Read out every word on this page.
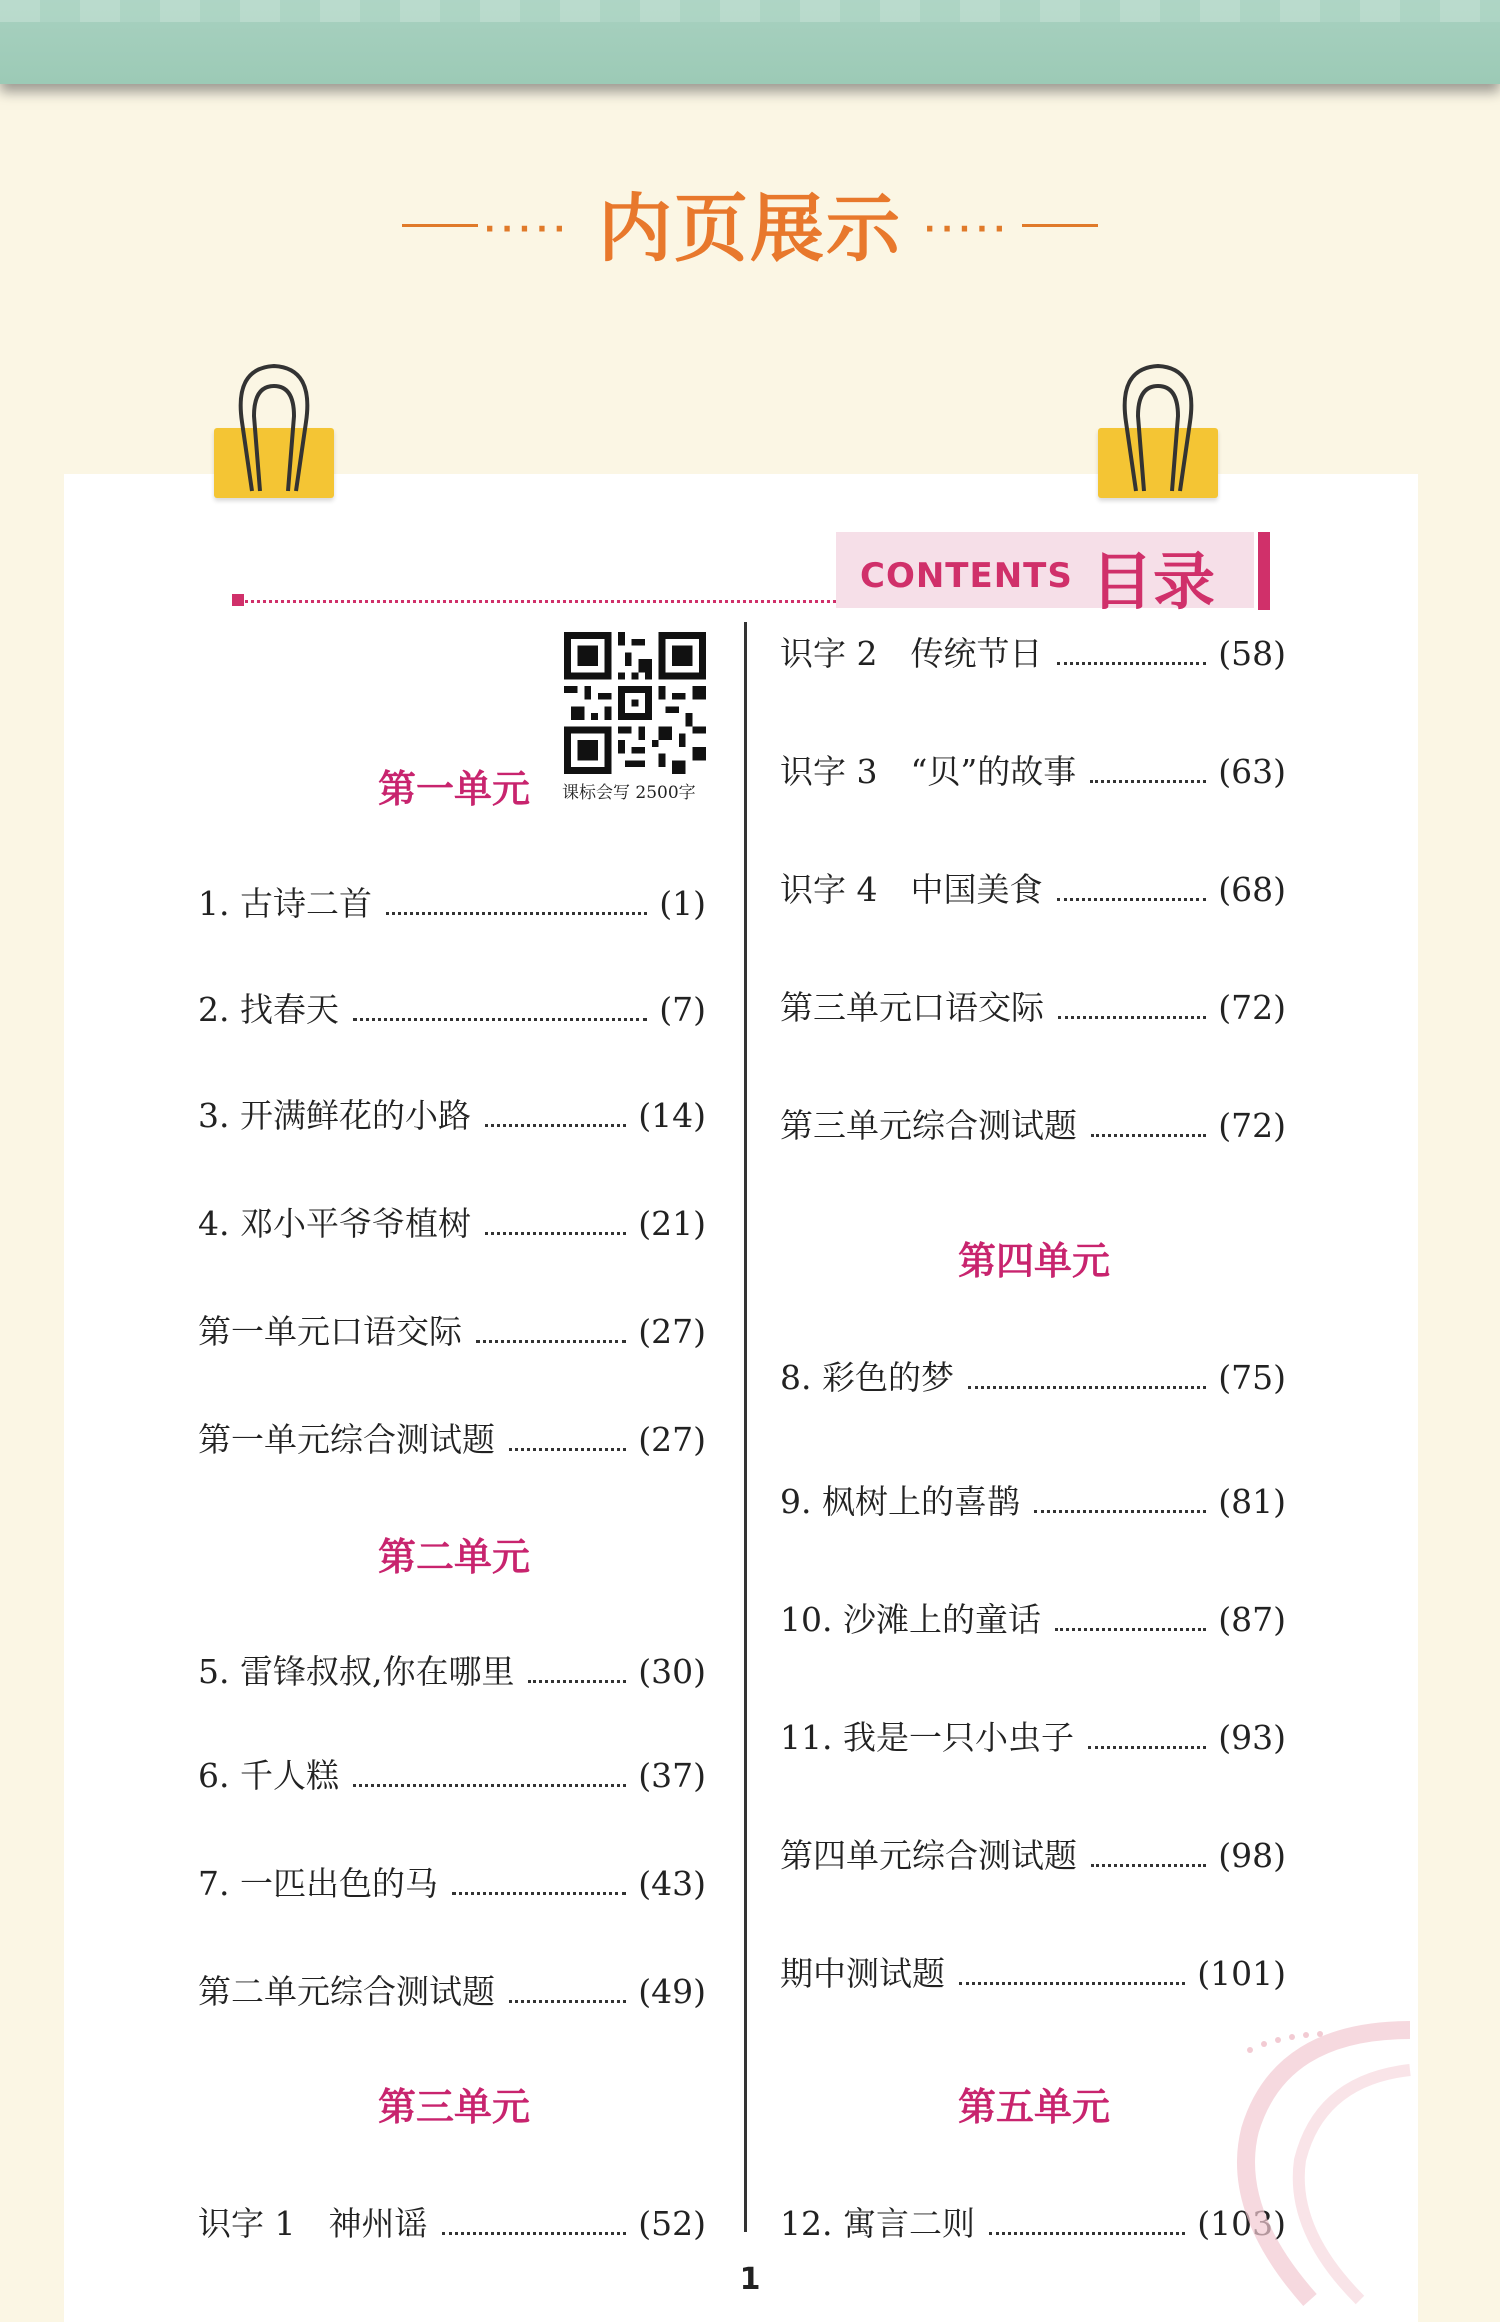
····· 内页展示 ·····
CONTENTS 目录
课标会写 2500字
第一单元
第二单元
第三单元
第四单元
第五单元
1. 古诗二首	(1)
2. 找春天	(7)
3. 开满鲜花的小路	(14)
4. 邓小平爷爷植树	(21)
第一单元口语交际	(27)
第一单元综合测试题	(27)
5. 雷锋叔叔,你在哪里	(30)
6. 千人糕	(37)
7. 一匹出色的马	(43)
第二单元综合测试题	(49)
识字 1　神州谣	(52)
识字 2　传统节日	(58)
识字 3　“贝”的故事	(63)
识字 4　中国美食	(68)
第三单元口语交际	(72)
第三单元综合测试题	(72)
8. 彩色的梦	(75)
9. 枫树上的喜鹊	(81)
10. 沙滩上的童话	(87)
11. 我是一只小虫子	(93)
第四单元综合测试题	(98)
期中测试题	(101)
12. 寓言二则	(103)
1
